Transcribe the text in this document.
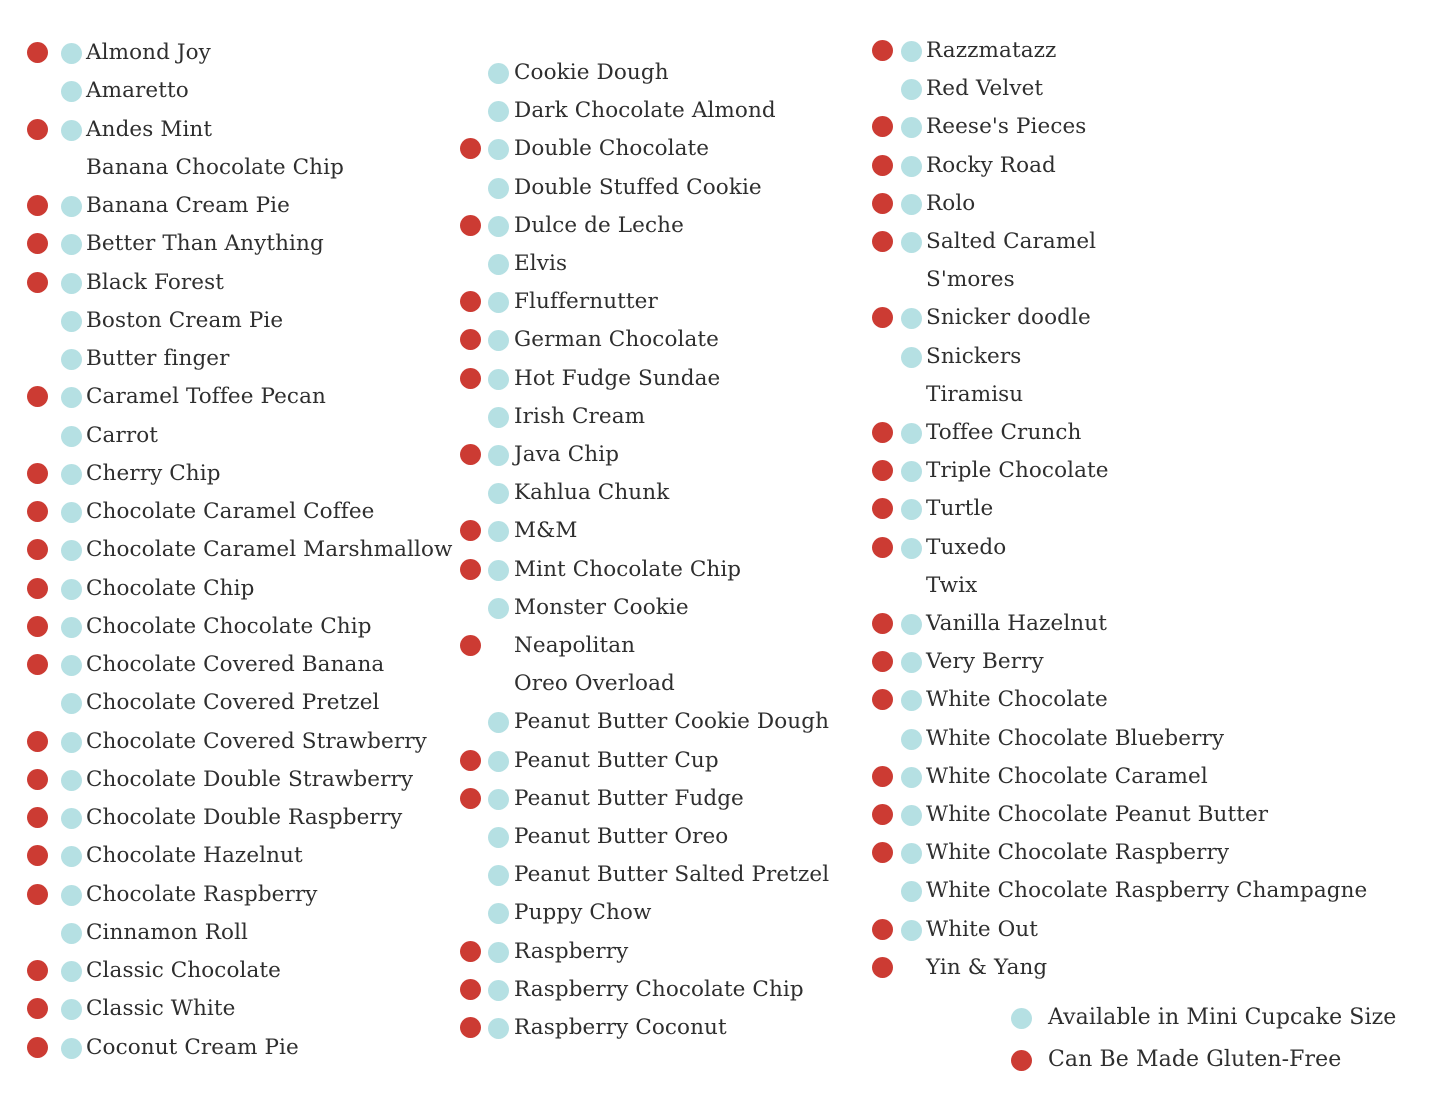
Almond Joy
Amaretto
Andes Mint
Banana Chocolate Chip
Banana Cream Pie
Better Than Anything
Black Forest
Boston Cream Pie
Butter finger
Caramel Toffee Pecan
Carrot
Cherry Chip
Chocolate Caramel Coffee
Chocolate Caramel Marshmallow
Chocolate Chip
Chocolate Chocolate Chip
Chocolate Covered Banana
Chocolate Covered Pretzel
Chocolate Covered Strawberry
Chocolate Double Strawberry
Chocolate Double Raspberry
Chocolate Hazelnut
Chocolate Raspberry
Cinnamon Roll
Classic Chocolate
Classic White
Coconut Cream Pie
Cookie Dough
Dark Chocolate Almond
Double Chocolate
Double Stuffed Cookie
Dulce de Leche
Elvis
Fluffernutter
German Chocolate
Hot Fudge Sundae
Irish Cream
Java Chip
Kahlua Chunk
M&M
Mint Chocolate Chip
Monster Cookie
Neapolitan
Oreo Overload
Peanut Butter Cookie Dough
Peanut Butter Cup
Peanut Butter Fudge
Peanut Butter Oreo
Peanut Butter Salted Pretzel
Puppy Chow
Raspberry
Raspberry Chocolate Chip
Raspberry Coconut
Razzmatazz
Red Velvet
Reese's Pieces
Rocky Road
Rolo
Salted Caramel
S'mores
Snicker doodle
Snickers
Tiramisu
Toffee Crunch
Triple Chocolate
Turtle
Tuxedo
Twix
Vanilla Hazelnut
Very Berry
White Chocolate
White Chocolate Blueberry
White Chocolate Caramel
White Chocolate Peanut Butter
White Chocolate Raspberry
White Chocolate Raspberry Champagne
White Out
Yin & Yang
Available in Mini Cupcake Size
Can Be Made Gluten-Free
